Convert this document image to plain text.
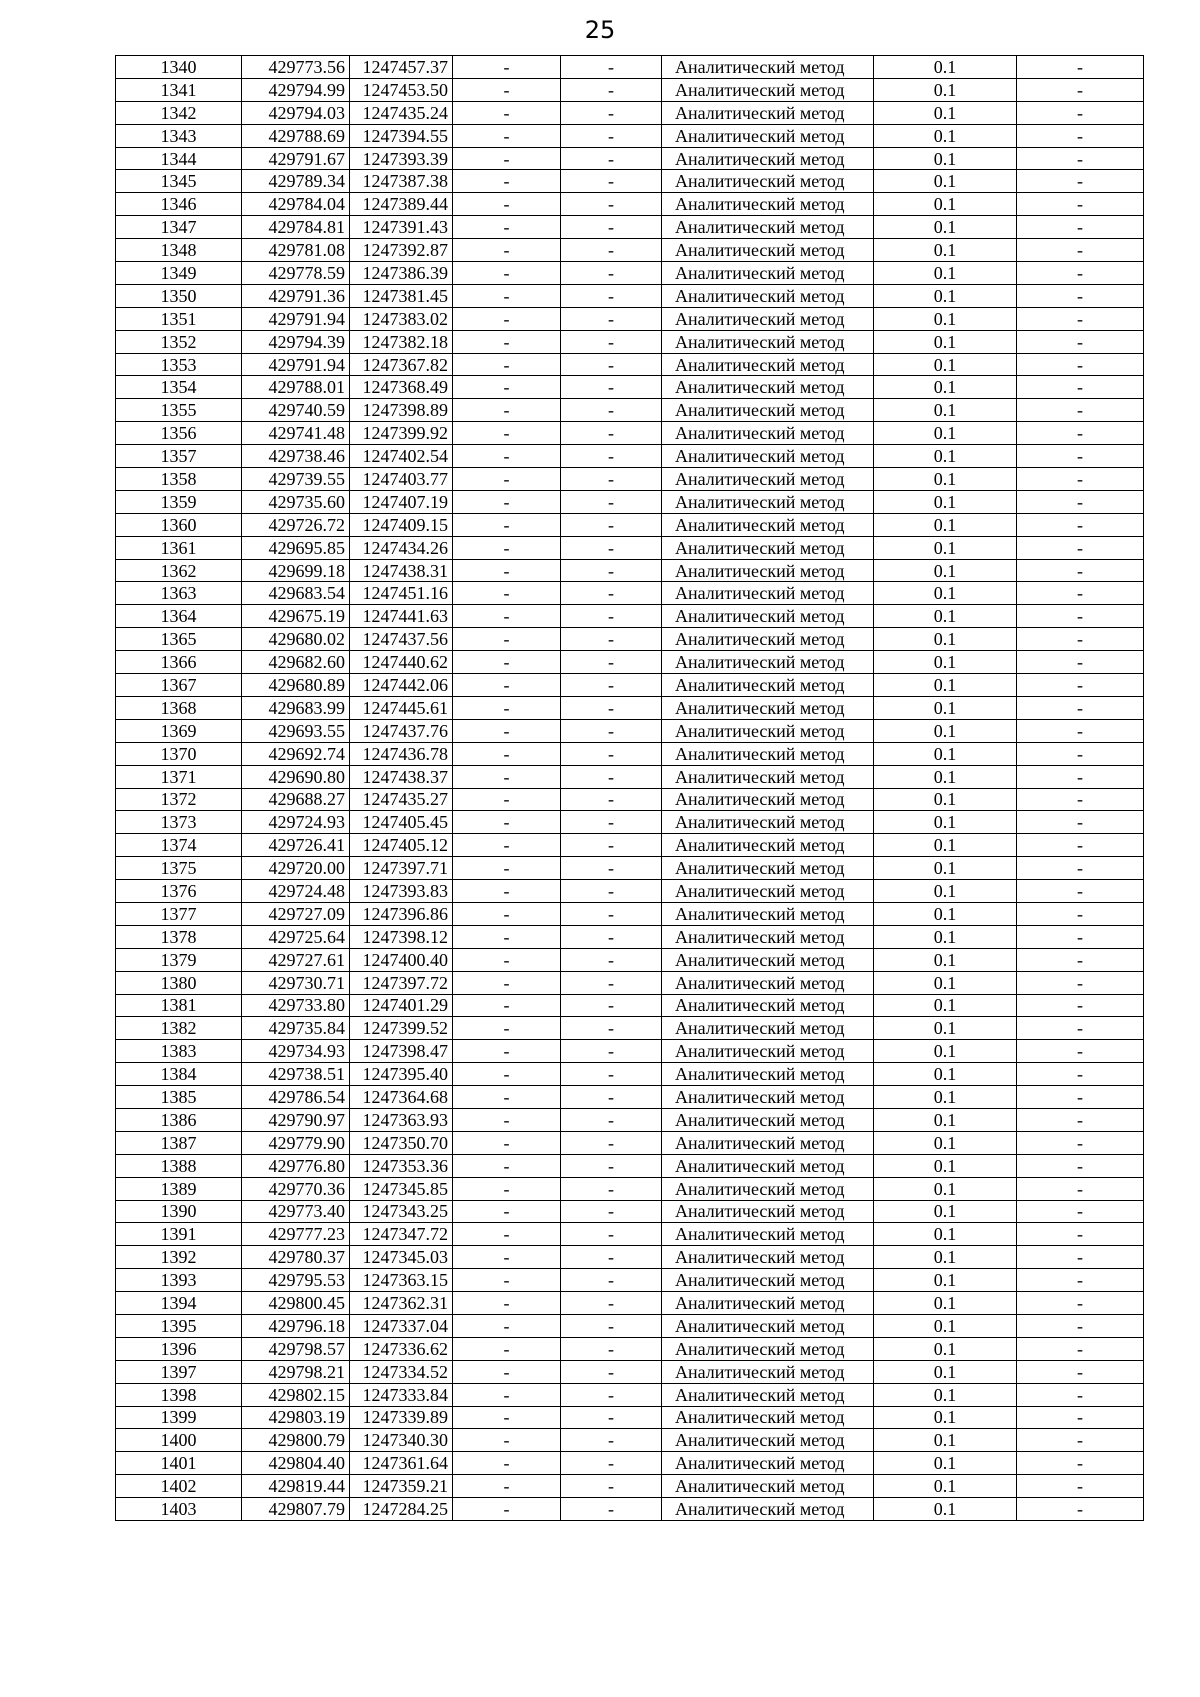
25
1340	429773.56	1247457.37	-	-	Аналитический метод	0.1	-
1341	429794.99	1247453.50	-	-	Аналитический метод	0.1	-
1342	429794.03	1247435.24	-	-	Аналитический метод	0.1	-
1343	429788.69	1247394.55	-	-	Аналитический метод	0.1	-
1344	429791.67	1247393.39	-	-	Аналитический метод	0.1	-
1345	429789.34	1247387.38	-	-	Аналитический метод	0.1	-
1346	429784.04	1247389.44	-	-	Аналитический метод	0.1	-
1347	429784.81	1247391.43	-	-	Аналитический метод	0.1	-
1348	429781.08	1247392.87	-	-	Аналитический метод	0.1	-
1349	429778.59	1247386.39	-	-	Аналитический метод	0.1	-
1350	429791.36	1247381.45	-	-	Аналитический метод	0.1	-
1351	429791.94	1247383.02	-	-	Аналитический метод	0.1	-
1352	429794.39	1247382.18	-	-	Аналитический метод	0.1	-
1353	429791.94	1247367.82	-	-	Аналитический метод	0.1	-
1354	429788.01	1247368.49	-	-	Аналитический метод	0.1	-
1355	429740.59	1247398.89	-	-	Аналитический метод	0.1	-
1356	429741.48	1247399.92	-	-	Аналитический метод	0.1	-
1357	429738.46	1247402.54	-	-	Аналитический метод	0.1	-
1358	429739.55	1247403.77	-	-	Аналитический метод	0.1	-
1359	429735.60	1247407.19	-	-	Аналитический метод	0.1	-
1360	429726.72	1247409.15	-	-	Аналитический метод	0.1	-
1361	429695.85	1247434.26	-	-	Аналитический метод	0.1	-
1362	429699.18	1247438.31	-	-	Аналитический метод	0.1	-
1363	429683.54	1247451.16	-	-	Аналитический метод	0.1	-
1364	429675.19	1247441.63	-	-	Аналитический метод	0.1	-
1365	429680.02	1247437.56	-	-	Аналитический метод	0.1	-
1366	429682.60	1247440.62	-	-	Аналитический метод	0.1	-
1367	429680.89	1247442.06	-	-	Аналитический метод	0.1	-
1368	429683.99	1247445.61	-	-	Аналитический метод	0.1	-
1369	429693.55	1247437.76	-	-	Аналитический метод	0.1	-
1370	429692.74	1247436.78	-	-	Аналитический метод	0.1	-
1371	429690.80	1247438.37	-	-	Аналитический метод	0.1	-
1372	429688.27	1247435.27	-	-	Аналитический метод	0.1	-
1373	429724.93	1247405.45	-	-	Аналитический метод	0.1	-
1374	429726.41	1247405.12	-	-	Аналитический метод	0.1	-
1375	429720.00	1247397.71	-	-	Аналитический метод	0.1	-
1376	429724.48	1247393.83	-	-	Аналитический метод	0.1	-
1377	429727.09	1247396.86	-	-	Аналитический метод	0.1	-
1378	429725.64	1247398.12	-	-	Аналитический метод	0.1	-
1379	429727.61	1247400.40	-	-	Аналитический метод	0.1	-
1380	429730.71	1247397.72	-	-	Аналитический метод	0.1	-
1381	429733.80	1247401.29	-	-	Аналитический метод	0.1	-
1382	429735.84	1247399.52	-	-	Аналитический метод	0.1	-
1383	429734.93	1247398.47	-	-	Аналитический метод	0.1	-
1384	429738.51	1247395.40	-	-	Аналитический метод	0.1	-
1385	429786.54	1247364.68	-	-	Аналитический метод	0.1	-
1386	429790.97	1247363.93	-	-	Аналитический метод	0.1	-
1387	429779.90	1247350.70	-	-	Аналитический метод	0.1	-
1388	429776.80	1247353.36	-	-	Аналитический метод	0.1	-
1389	429770.36	1247345.85	-	-	Аналитический метод	0.1	-
1390	429773.40	1247343.25	-	-	Аналитический метод	0.1	-
1391	429777.23	1247347.72	-	-	Аналитический метод	0.1	-
1392	429780.37	1247345.03	-	-	Аналитический метод	0.1	-
1393	429795.53	1247363.15	-	-	Аналитический метод	0.1	-
1394	429800.45	1247362.31	-	-	Аналитический метод	0.1	-
1395	429796.18	1247337.04	-	-	Аналитический метод	0.1	-
1396	429798.57	1247336.62	-	-	Аналитический метод	0.1	-
1397	429798.21	1247334.52	-	-	Аналитический метод	0.1	-
1398	429802.15	1247333.84	-	-	Аналитический метод	0.1	-
1399	429803.19	1247339.89	-	-	Аналитический метод	0.1	-
1400	429800.79	1247340.30	-	-	Аналитический метод	0.1	-
1401	429804.40	1247361.64	-	-	Аналитический метод	0.1	-
1402	429819.44	1247359.21	-	-	Аналитический метод	0.1	-
1403	429807.79	1247284.25	-	-	Аналитический метод	0.1	-
